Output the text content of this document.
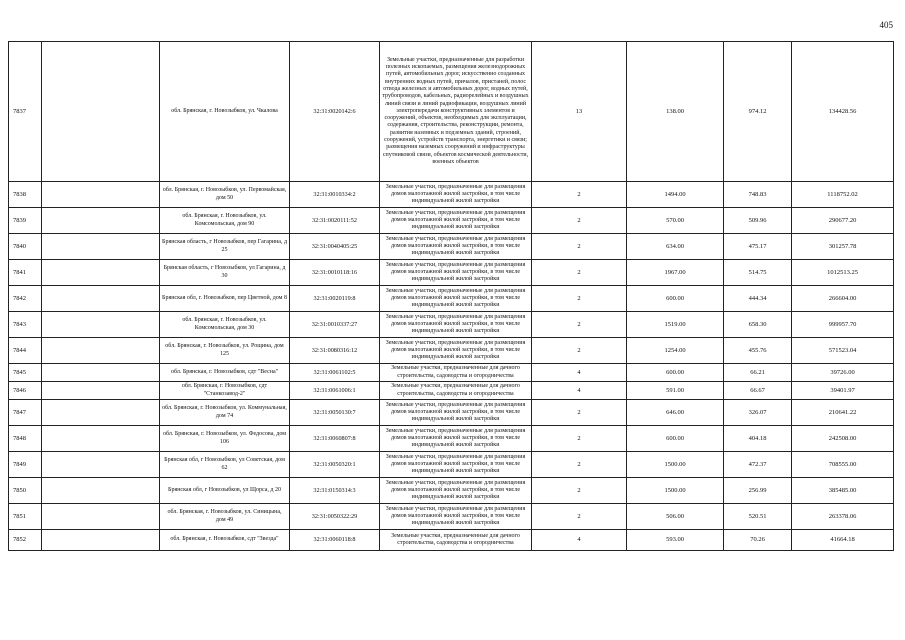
405
7837		обл. Брянская, г. Новозыбков, ул. Чкалова	32:31:0020142:6	Земельные участки, предназначенные для разработки полезных ископаемых, размещения железнодорожных путей, автомобильных дорог, искусственно созданных внутренних водных путей, причалов, пристаней, полос отвода железных и автомобильных дорог, водных путей, трубопроводов, кабельных, радиорелейных и воздушных линий связи и линий радиофикации, воздушных линий электропередачи конструктивных элементов и сооружений, объектов, необходимых для эксплуатации, содержания, строительства, реконструкции, ремонта, развития наземных и подземных зданий, строений, сооружений, устройств транспорта, энергетики и связи; размещения наземных сооружений и инфраструктуры спутниковой связи, объектов космической деятельности, военных объектов	13	138.00	974.12	134428.56
7838		обл. Брянская, г. Новозыбков, ул. Первомайская, дом 50	32:31:0010334:2	Земельные участки, предназначенные для размещения домов малоэтажной жилой застройки, в том числе индивидуальной жилой застройки	2	1494.00	748.83	1118752.02
7839		обл. Брянская, г. Новозыбков, ул. Комсомольская, дом 90	32:31:0020111:52	Земельные участки, предназначенные для размещения домов малоэтажной жилой застройки, в том числе индивидуальной жилой застройки	2	570.00	509.96	290677.20
7840		Брянская область, г Новозыбков, пер Гагарина, д 25	32:31:0040405:25	Земельные участки, предназначенные для размещения домов малоэтажной жилой застройки, в том числе индивидуальной жилой застройки	2	634.00	475.17	301257.78
7841		Брянская область, г Новозыбков, ул Гагарина, д 30	32:31:0010118:16	Земельные участки, предназначенные для размещения домов малоэтажной жилой застройки, в том числе индивидуальной жилой застройки	2	1967.00	514.75	1012513.25
7842		Брянская обл, г. Новозыбков, пер Цветной, дом 8	32:31:0020119:8	Земельные участки, предназначенные для размещения домов малоэтажной жилой застройки, в том числе индивидуальной жилой застройки	2	600.00	444.34	266604.00
7843		обл. Брянская, г. Новозыбков, ул. Комсомольская, дом 30	32:31:0010337:27	Земельные участки, предназначенные для размещения домов малоэтажной жилой застройки, в том числе индивидуальной жилой застройки	2	1519.00	658.30	999957.70
7844		обл. Брянская, г. Новозыбков, ул. Рощина, дом 125	32:31:0080316:12	Земельные участки, предназначенные для размещения домов малоэтажной жилой застройки, в том числе индивидуальной жилой застройки	2	1254.00	455.76	571523.04
7845		обл. Брянская, г. Новозыбков, сдт "Весна"	32:31:0061102:5	Земельные участки, предназначенные для дачного строительства, садоводства и огородничества	4	600.00	66.21	39726.00
7846		обл. Брянская, г. Новозыбков, сдт "Станкозавод-2"	32:31:0061006:1	Земельные участки, предназначенные для дачного строительства, садоводства и огородничества	4	591.00	66.67	39401.97
7847		обл. Брянская, г. Новозыбков, ул. Коммунальная, дом 74	32:31:0050130:7	Земельные участки, предназначенные для размещения домов малоэтажной жилой застройки, в том числе индивидуальной жилой застройки	2	646.00	326.07	210641.22
7848		обл. Брянская, г. Новозыбков, ул. Федосова, дом 106	32:31:0060807:8	Земельные участки, предназначенные для размещения домов малоэтажной жилой застройки, в том числе индивидуальной жилой застройки	2	600.00	404.18	242508.00
7849		Брянская обл, г Новозыбков, ул Советская, дом 62	32:31:0050320:1	Земельные участки, предназначенные для размещения домов малоэтажной жилой застройки, в том числе индивидуальной жилой застройки	2	1500.00	472.37	708555.00
7850		Брянская обл, г Новозыбков, ул Щорса, д 20	32:31:0150314:3	Земельные участки, предназначенные для размещения домов малоэтажной жилой застройки, в том числе индивидуальной жилой застройки	2	1500.00	256.99	385485.00
7851		обл. Брянская, г. Новозыбков, ул. Синицына, дом 49	32:31:0050322:29	Земельные участки, предназначенные для размещения домов малоэтажной жилой застройки, в том числе индивидуальной жилой застройки	2	506.00	520.51	263378.06
7852		обл. Брянская, г. Новозыбков, сдт "Звезда"	32:31:0060118:8	Земельные участки, предназначенные для дачного строительства, садоводства и огородничества	4	593.00	70.26	41664.18
